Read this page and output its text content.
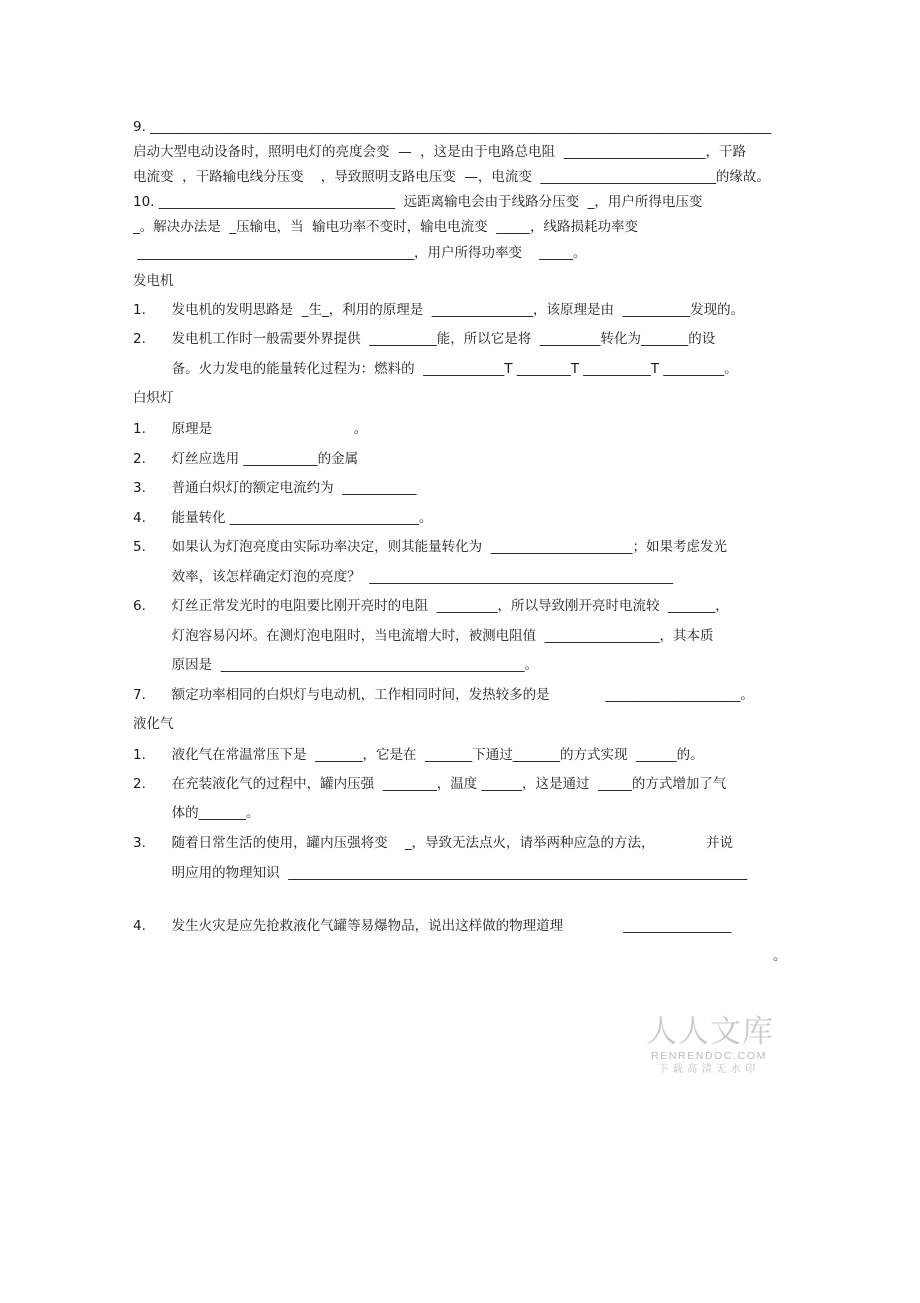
9. ____________________________________________________________________________________________
启动大型电动设备时，照明电灯的亮度会变  —  ，这是由于电路总电阻  _____________________，干路
电流变  ，干路输电线分压变    ，导致照明支路电压变  —，电流变  __________________________的缘故。
10. ___________________________________  远距离输电会由于线路分压变  _，用户所得电压变
_。解决办法是  _压输电，当  输电功率不变时，输电电流变  _____，线路损耗功率变
_________________________________________，用户所得功率变    _____。
发电机
1.      发电机的发明思路是  _生_，利用的原理是  _______________，该原理是由  __________发现的。
2.      发电机工作时一般需要外界提供  __________能，所以它是将  _________转化为_______的设
备。火力发电的能量转化过程为：燃料的  ____________T ________T __________T _________。
白炽灯
1.      原理是                                 。
2.      灯丝应选用 ___________的金属
3.      普通白炽灯的额定电流约为  ___________
4.      能量转化 ____________________________。
5.      如果认为灯泡亮度由实际功率决定，则其能量转化为  _____________________；如果考虑发光
效率，该怎样确定灯泡的亮度？  _____________________________________________
6.      灯丝正常发光时的电阻要比刚开亮时的电阻  _________，所以导致刚开亮时电流较  _______，
灯泡容易闪坏。在测灯泡电阻时，当电流增大时，被测电阻值  _________________，其本质
原因是  _____________________________________________。
7.      额定功率相同的白炽灯与电动机，工作相同时间，发热较多的是             ____________________。
液化气
1.      液化气在常温常压下是  _______，它是在  _______下通过_______的方式实现  ______的。
2.      在充装液化气的过程中，罐内压强  ________，温度 ______，这是通过  _____的方式增加了气
体的_______。
3.      随着日常生活的使用，罐内压强将变    _，导致无法点火，请举两种应急的方法，            并说
明应用的物理知识  ____________________________________________________________________
4.      发生火灾是应先抢救液化气罐等易爆物品，说出这样做的物理道理              ________________
。
人人文库
RENRENDOC.COM
下载高清无水印
